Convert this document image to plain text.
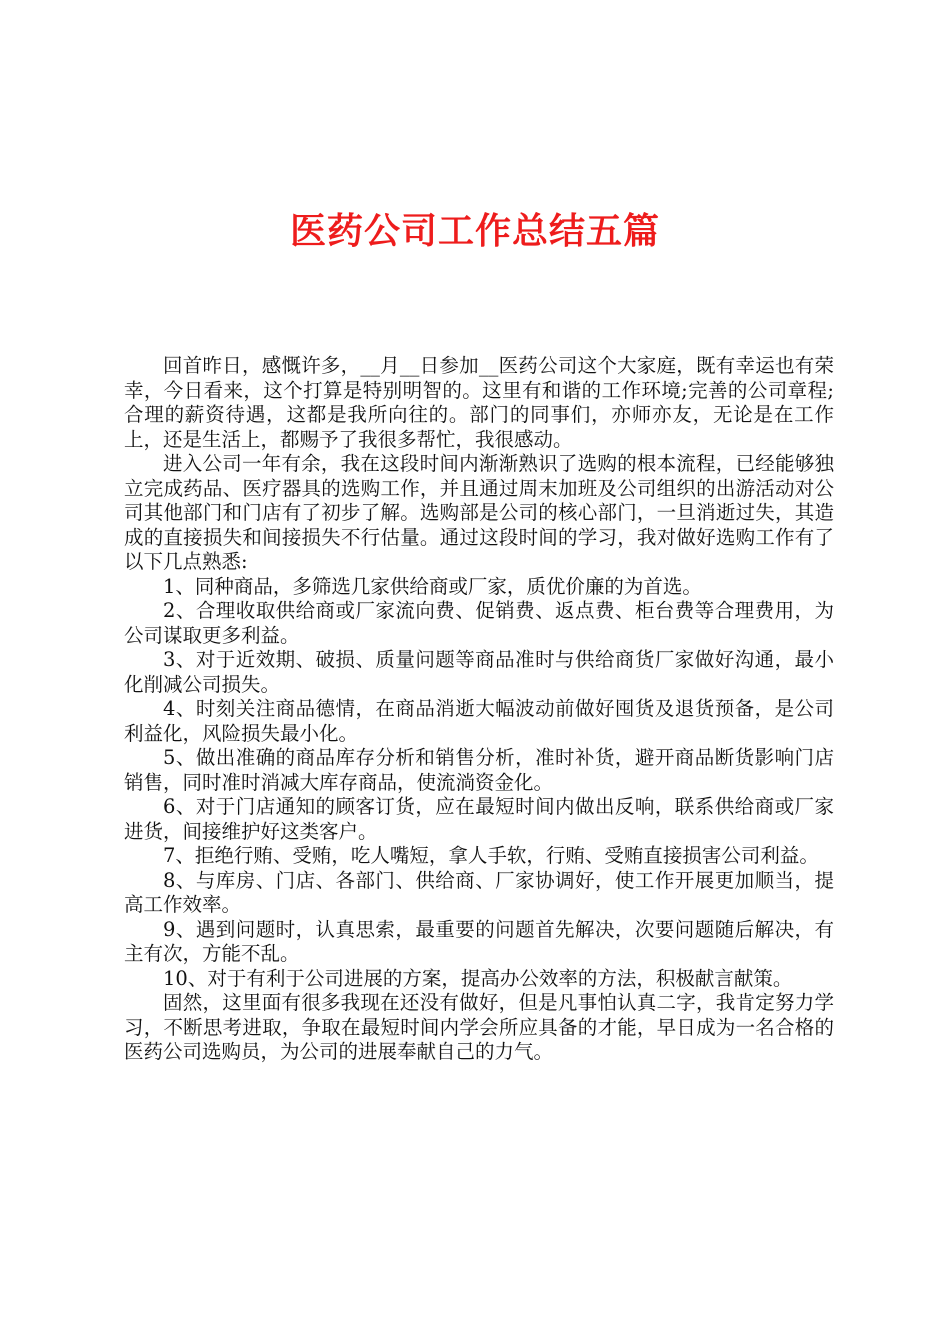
医药公司工作总结五篇

回首昨日，感慨许多，__月__日参加__医药公司这个大家庭，既有幸运也有荣幸，今日看来，这个打算是特别明智的。这里有和谐的工作环境;完善的公司章程;合理的薪资待遇，这都是我所向往的。部门的同事们，亦师亦友，无论是在工作上，还是生活上，都赐予了我很多帮忙，我很感动。

进入公司一年有余，我在这段时间内渐渐熟识了选购的根本流程，已经能够独立完成药品、医疗器具的选购工作，并且通过周末加班及公司组织的出游活动对公司其他部门和门店有了初步了解。选购部是公司的核心部门，一旦消逝过失，其造成的直接损失和间接损失不行估量。通过这段时间的学习，我对做好选购工作有了以下几点熟悉:

1、同种商品，多筛选几家供给商或厂家，质优价廉的为首选。

2、合理收取供给商或厂家流向费、促销费、返点费、柜台费等合理费用，为公司谋取更多利益。

3、对于近效期、破损、质量问题等商品准时与供给商货厂家做好沟通，最小化削减公司损失。

4、时刻关注商品德情，在商品消逝大幅波动前做好囤货及退货预备，是公司利益化，风险损失最小化。

5、做出准确的商品库存分析和销售分析，准时补货，避开商品断货影响门店销售，同时准时消减大库存商品，使流淌资金化。

6、对于门店通知的顾客订货，应在最短时间内做出反响，联系供给商或厂家进货，间接维护好这类客户。

7、拒绝行贿、受贿，吃人嘴短，拿人手软，行贿、受贿直接损害公司利益。

8、与库房、门店、各部门、供给商、厂家协调好，使工作开展更加顺当，提高工作效率。

9、遇到问题时，认真思索，最重要的问题首先解决，次要问题随后解决，有主有次，方能不乱。

10、对于有利于公司进展的方案，提高办公效率的方法，积极献言献策。

固然，这里面有很多我现在还没有做好，但是凡事怕认真二字，我肯定努力学习，不断思考进取，争取在最短时间内学会所应具备的才能，早日成为一名合格的医药公司选购员，为公司的进展奉献自己的力气。
